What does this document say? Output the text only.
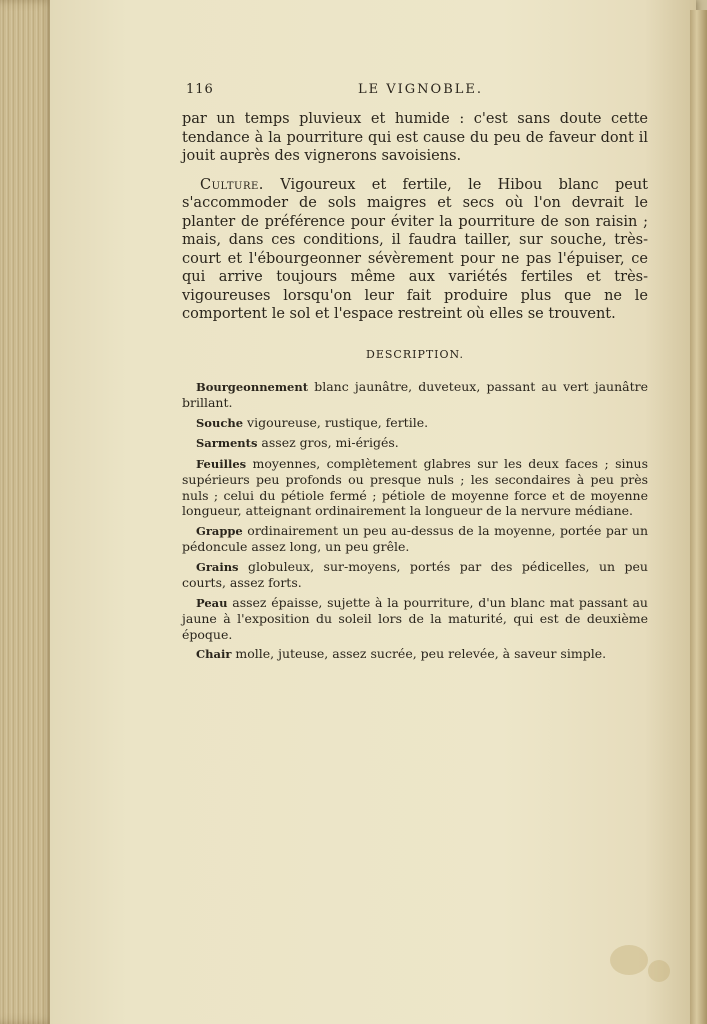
116	LE VIGNOBLE.

par un temps pluvieux et humide : c'est sans doute cette tendance à la pourriture qui est cause du peu de faveur dont il jouit auprès des vignerons savoisiens.

Culture. Vigoureux et fertile, le Hibou blanc peut s'accommoder de sols maigres et secs où l'on devrait le planter de préférence pour éviter la pourriture de son raisin ; mais, dans ces conditions, il faudra tailler, sur souche, très-court et l'ébourgeonner sévèrement pour ne pas l'épuiser, ce qui arrive toujours même aux variétés fertiles et très-vigoureuses lorsqu'on leur fait produire plus que ne le comportent le sol et l'espace restreint où elles se trouvent.

DESCRIPTION.

Bourgeonnement blanc jaunâtre, duveteux, passant au vert jaunâtre brillant.

Souche vigoureuse, rustique, fertile.

Sarments assez gros, mi-érigés.

Feuilles moyennes, complètement glabres sur les deux faces ; sinus supérieurs peu profonds ou presque nuls ; les secondaires à peu près nuls ; celui du pétiole fermé ; pétiole de moyenne force et de moyenne longueur, atteignant ordinairement la longueur de la nervure médiane.

Grappe ordinairement un peu au-dessus de la moyenne, portée par un pédoncule assez long, un peu grêle.

Grains globuleux, sur-moyens, portés par des pédicelles, un peu courts, assez forts.

Peau assez épaisse, sujette à la pourriture, d'un blanc mat passant au jaune à l'exposition du soleil lors de la maturité, qui est de deuxième époque.

Chair molle, juteuse, assez sucrée, peu relevée, à saveur simple.
